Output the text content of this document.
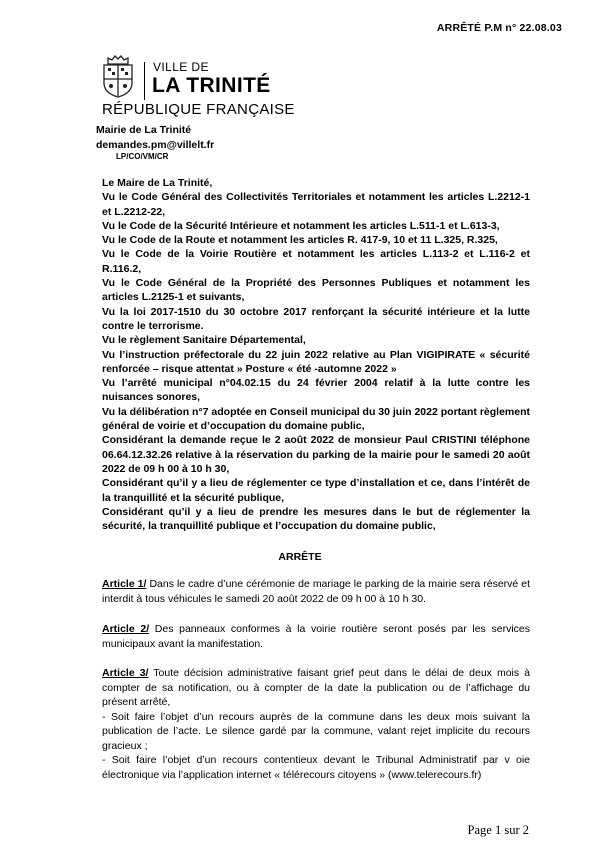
ARRÊTÉ P.M n° 22.08.03
VILLE DE
LA TRINITÉ
RÉPUBLIQUE FRANÇAISE
Mairie de La Trinité
demandes.pm@villelt.fr
LP/CO/VM/CR

Le Maire de La Trinité,

Vu le Code Général des Collectivités Territoriales et notamment les articles L.2212-1 et L.2212-22,

Vu le Code de la Sécurité Intérieure et notamment les articles L.511-1 et L.613-3,

Vu le Code de la Route et notamment les articles R. 417-9, 10 et 11 L.325, R.325,

Vu le Code de la Voirie Routière et notamment les articles L.113-2 et L.116-2 et R.116.2,

Vu le Code Général de la Propriété des Personnes Publiques et notamment les articles L.2125-1 et suivants,

Vu la loi 2017-1510 du 30 octobre 2017 renforçant la sécurité intérieure et la lutte contre le terrorisme.

Vu le règlement Sanitaire Départemental,

Vu l’instruction préfectorale du 22 juin 2022 relative au Plan VIGIPIRATE « sécurité renforcée – risque attentat » Posture « été -automne 2022 »

Vu l’arrêté municipal n°04.02.15 du 24 février 2004 relatif à la lutte contre les nuisances sonores,

Vu la délibération n°7 adoptée en Conseil municipal du 30 juin 2022 portant règlement général de voirie et d’occupation du domaine public,

Considérant la demande reçue le 2 août 2022 de monsieur Paul CRISTINI téléphone 06.64.12.32.26 relative à la réservation du parking de la mairie pour le samedi 20 août 2022 de 09 h 00 à 10 h 30,

Considérant qu’il y a lieu de réglementer ce type d’installation et ce, dans l’intérêt de la tranquillité et la sécurité publique,

Considérant qu’il y a lieu de prendre les mesures dans le but de réglementer la sécurité, la tranquillité publique et l’occupation du domaine public,

ARRÊTE

Article 1/ Dans le cadre d’une cérémonie de mariage le parking de la mairie sera réservé et interdit à tous véhicules le samedi 20 août 2022 de 09 h 00 à 10 h 30.

Article 2/ Des panneaux conformes à la voirie routière seront posés par les services municipaux avant la manifestation.

Article 3/ Toute décision administrative faisant grief peut dans le délai de deux mois à compter de sa notification, ou à compter de la date la publication ou de l’affichage du présent arrêté,

- Soit faire l’objet d’un recours auprès de la commune dans les deux mois suivant la publication de l’acte. Le silence gardé par la commune, valant rejet implicite du recours gracieux ;

- Soit faire l’objet d’un recours contentieux devant le Tribunal Administratif par v oie électronique via l’application internet « télérecours citoyens » (www.telerecours.fr)

Page 1 sur 2
